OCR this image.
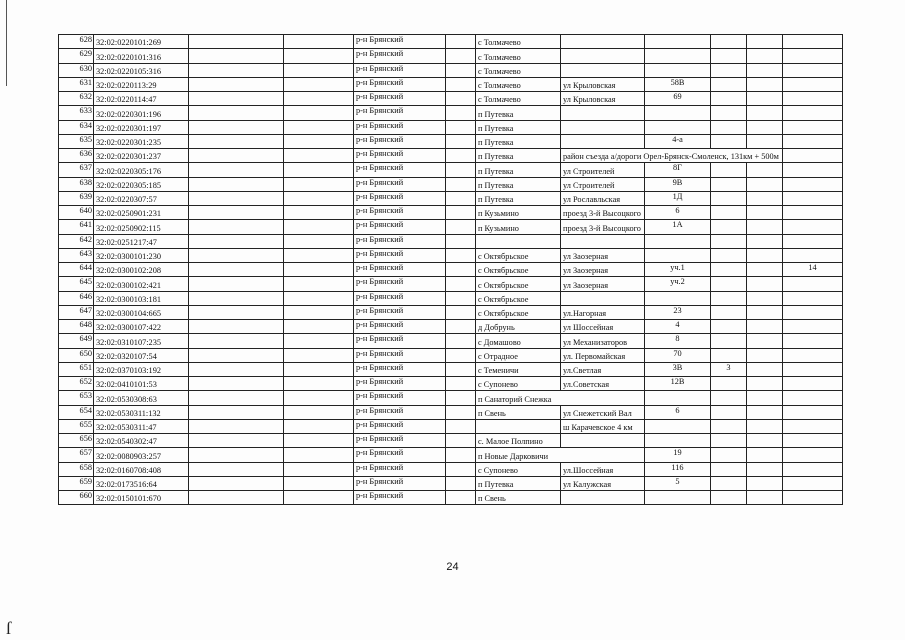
ſ
628	32:02:0220101:269			р-н Брянский		с Толмачево					
629	32:02:0220101:316			р-н Брянский		с Толмачево					
630	32:02:0220105:316			р-н Брянский		с Толмачево					
631	32:02:0220113:29			р-н Брянский		с Толмачево	ул Крыловская	58В			
632	32:02:0220114:47			р-н Брянский		с Толмачево	ул Крыловская	69			
633	32:02:0220301:196			р-н Брянский		п Путевка					
634	32:02:0220301:197			р-н Брянский		п Путевка					
635	32:02:0220301:235			р-н Брянский		п Путевка		4-а			
636	32:02:0220301:237			р-н Брянский		п Путевка	район съезда а/дороги Орел-Брянск-Смоленск, 131км + 500м				
637	32:02:0220305:176			р-н Брянский		п Путевка	ул Строителей	8Г			
638	32:02:0220305:185			р-н Брянский		п Путевка	ул Строителей	9В			
639	32:02:0220307:57			р-н Брянский		п Путевка	ул Рославльская	1Д			
640	32:02:0250901:231			р-н Брянский		п Кузьмино	проезд 3-й Высоцкого	6			
641	32:02:0250902:115			р-н Брянский		п Кузьмино	проезд 3-й Высоцкого	1А			
642	32:02:0251217:47			р-н Брянский							
643	32:02:0300101:230			р-н Брянский		с Октябрьское	ул Заозерная				
644	32:02:0300102:208			р-н Брянский		с Октябрьское	ул Заозерная	уч.1			14
645	32:02:0300102:421			р-н Брянский		с Октябрьское	ул Заозерная	уч.2			
646	32:02:0300103:181			р-н Брянский		с Октябрьское					
647	32:02:0300104:665			р-н Брянский		с Октябрьское	ул.Нагорная	23			
648	32:02:0300107:422			р-н Брянский		д Добрунь	ул Шоссейная	4			
649	32:02:0310107:235			р-н Брянский		с Домашово	ул Механизаторов	8			
650	32:02:0320107:54			р-н Брянский		с Отрадное	ул. Первомайская	70			
651	32:02:0370103:192			р-н Брянский		с Теменичи	ул.Светлая	3В	3		
652	32:02:0410101:53			р-н Брянский		с Супонево	ул.Советская	12В			
653	32:02:0530308:63			р-н Брянский		п Санаторий Снежка					
654	32:02:0530311:132			р-н Брянский		п Свень	ул Снежетский Вал	6			
655	32:02:0530311:47			р-н Брянский			ш Карачевское 4 км				
656	32:02:0540302:47			р-н Брянский		с. Малое Полпино					
657	32:02:0080903:257			р-н Брянский		п Новые Дарковичи		19			
658	32:02:0160708:408			р-н Брянский		с Супонево	ул.Шоссейная	116			
659	32:02:0173516:64			р-н Брянский		п Путевка	ул Калужская	5			
660	32:02:0150101:670			р-н Брянский		п Свень					
24
